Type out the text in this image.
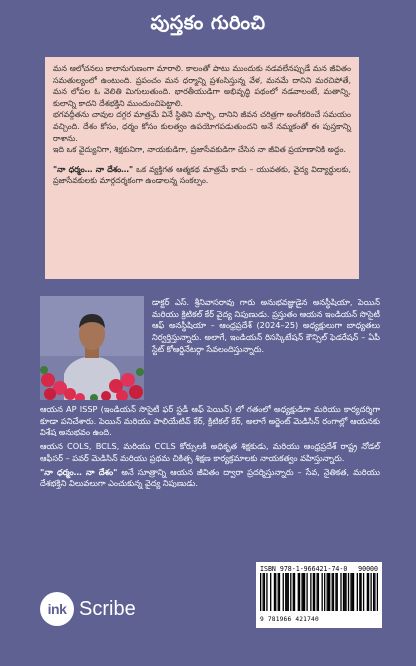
పుస్తకం గురించి

మన ఆలోచనలు కాలానుగుణంగా మారాలి. కాలంతో పాటు ముందుకు నడవలేనప్పుడే మన జీవితం సమతుల్యంలో ఉంటుంది. ప్రపంచం మన ధర్మాన్ని ప్రశంసిస్తున్న వేళ, మనమే దానిని మరచిపోతే, మన లోపల ఓ వెలితి మిగులుతుంది. భారతీయుడిగా అభివృద్ధి పథంలో నడవాలంటే, మతాన్ని, కులాన్ని కాదని దేశభక్తిని ముందుంచిపెట్టాలి.

భగవద్గీతను చావుల దగ్గర మాత్రమే వినే స్థితిని మార్చి, దానిని జీవన చరిత్రగా అంగీకరించే సమయం వచ్చింది. దేశం కోసం, ధర్మం కోసం కులత్వం ఉపయోగపడుతుందని అనే నమ్మకంతో ఈ పుస్తకాన్ని రాశాను.

ఇది ఒక వైద్యునిగా, శిక్షకునిగా, నాయకుడిగా, ప్రజాసేవకుడిగా చేసిన నా జీవిత ప్రయాణానికి అద్దం.

"నా ధర్మం… నా దేశం…" ఒక వ్యక్తిగత ఆత్మకథ మాత్రమే కాదు – యువతకు, వైద్య విద్యార్థులకు, ప్రజాసేవకులకు మార్గదర్శకంగా ఉండాలన్న సంకల్పం.

డాక్టర్ ఎస్. శ్రీనివాసరావు గారు అనుభవజ్ఞుడైన అనస్థీషియా, పెయిన్ మరియు క్రిటికల్ కేర్ వైద్య నిపుణుడు. ప్రస్తుతం ఆయన ఇండియన్ సొసైటీ ఆఫ్ అనస్థీషియా – ఆంధ్రప్రదేశ్ (2024–25) అధ్యక్షులుగా బాధ్యతలు నిర్వర్తిస్తున్నారు. అలాగే, ఇండియన్ రిసస్కిటేషన్ కౌన్సిల్ ఫెడరేషన్ – ఏపీ స్టేట్ కోఆర్డినేటర్గా సేవలందిస్తున్నారు.

ఆయన AP ISSP (ఇండియన్ సొసైటీ ఫర్ స్టడీ ఆఫ్ పెయిన్) లో గతంలో అధ్యక్షుడిగా మరియు కార్యదర్శిగా కూడా పనిచేశారు. పెయిన్ మరియు పాలియేటివ్ కేర్, క్రిటికల్ కేర్, అలాగే అర్జెంట్ మెడిసిన్ రంగాల్లో ఆయనకు విశేష అనుభవం ఉంది.

ఆయన COLS, BCLS, మరియు CCLS కోర్సులకి అధికృత శిక్షకుడు, మరియు ఆంధ్రప్రదేశ్ రాష్ట్ర నోడల్ ఆఫీసర్ – పవర్ మెడిసిన్ మరియు ప్రథమ చికిత్స శిక్షణ కార్యక్రమాలకు నాయకత్వం వహిస్తున్నారు.

"నా ధర్మం… నా దేశం" అనే సూత్రాన్ని ఆయన జీవితం ద్వారా ప్రదర్శిస్తున్నారు – సేవ, నైతికత, మరియు దేశభక్తిని విలువలుగా ఎంచుకున్న వైద్య నిపుణుడు.

ISBN 978-1-966421-74-0 90000
9 781966 421740
ink Scribe
